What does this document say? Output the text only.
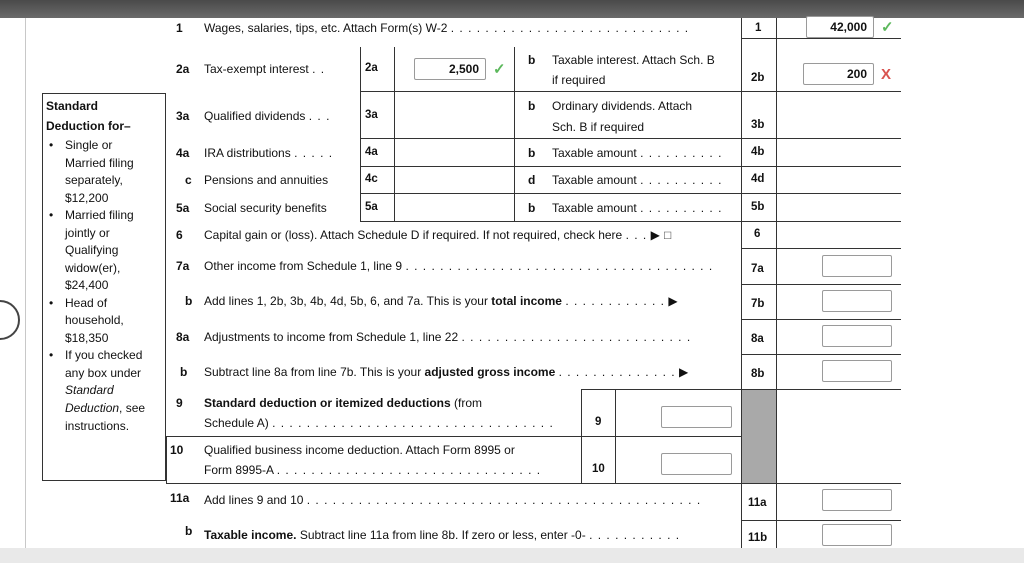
Standard
Deduction for–
• Single or
Married filing
separately,
$12,200
• Married filing
jointly or
Qualifying
widow(er),
$24,400
• Head of
household,
$18,350
• If you checked
any box under
Standard
Deduction, see
instructions.
1 Wages, salaries, tips, etc. Attach Form(s) W-2 . . . . . . . . . . . . . . . . . . . . . . . . . . . .	1	42,000 ✓
2a Tax-exempt interest . .	2a	2,500 ✓
b Taxable interest. Attach Sch. B
if required	2b	200 X
3a Qualified dividends . . .	3a
b Ordinary dividends. Attach
Sch. B if required	3b
4a IRA distributions . . . . .	4a	b Taxable amount . . . . . . . . . . 4b
c Pensions and annuities	4c	d Taxable amount . . . . . . . . . . 4d
5a Social security benefits	5a	b Taxable amount . . . . . . . . . . 5b
6 Capital gain or (loss). Attach Schedule D if required. If not required, check here . . . ▶ ☐	6
7a Other income from Schedule 1, line 9 . . . . . . . . . . . . . . . . . . . . . . . . . . . . . . . . . . . .	7a
b Add lines 1, 2b, 3b, 4b, 4d, 5b, 6, and 7a. This is your total income . . . . . . . . . . . . ▶	7b
8a Adjustments to income from Schedule 1, line 22 . . . . . . . . . . . . . . . . . . . . . . . . . . .	8a
b Subtract line 8a from line 7b. This is your adjusted gross income . . . . . . . . . . . . . . ▶	8b
9 Standard deduction or itemized deductions (from
Schedule A) . . . . . . . . . . . . . . . . . . . . . . . . . . . . . . . . .	9
10 Qualified business income deduction. Attach Form 8995 or
Form 8995-A . . . . . . . . . . . . . . . . . . . . . . . . . . . . . . .	10
11a Add lines 9 and 10 . . . . . . . . . . . . . . . . . . . . . . . . . . . . . . . . . . . . . . . . . . . . . .	11a
b Taxable income. Subtract line 11a from line 8b. If zero or less, enter -0- . . . . . . . . . . .	11b
